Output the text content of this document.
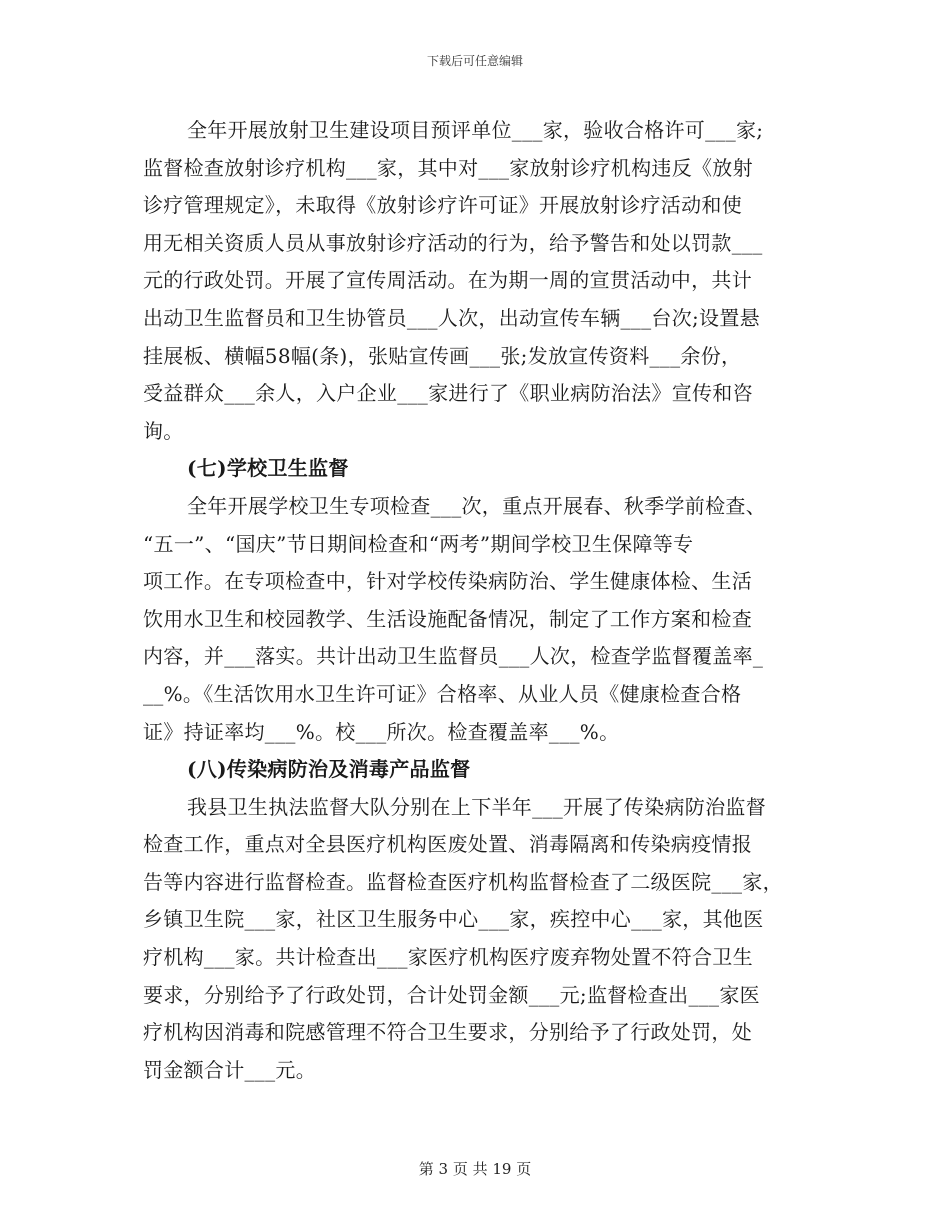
下载后可任意编辑
全年开展放射卫生建设项目预评单位___家，验收合格许可___家;
监督检查放射诊疗机构___家，其中对___家放射诊疗机构违反《放射
诊疗管理规定》，未取得《放射诊疗许可证》开展放射诊疗活动和使
用无相关资质人员从事放射诊疗活动的行为，给予警告和处以罚款___
元的行政处罚。开展了宣传周活动。在为期一周的宣贯活动中，共计
出动卫生监督员和卫生协管员___人次，出动宣传车辆___台次;设置悬
挂展板、横幅58幅(条)，张贴宣传画___张;发放宣传资料___余份，
受益群众___余人，入户企业___家进行了《职业病防治法》宣传和咨
询。
(七)学校卫生监督
全年开展学校卫生专项检查___次，重点开展春、秋季学前检查、
“五一”、“国庆”节日期间检查和“两考”期间学校卫生保障等专
项工作。在专项检查中，针对学校传染病防治、学生健康体检、生活
饮用水卫生和校园教学、生活设施配备情况，制定了工作方案和检查
内容，并___落实。共计出动卫生监督员___人次，检查学监督覆盖率_
__%。《生活饮用水卫生许可证》合格率、从业人员《健康检查合格
证》持证率均___%。校___所次。检查覆盖率___%。
(八)传染病防治及消毒产品监督
我县卫生执法监督大队分别在上下半年___开展了传染病防治监督
检查工作，重点对全县医疗机构医废处置、消毒隔离和传染病疫情报
告等内容进行监督检查。监督检查医疗机构监督检查了二级医院___家，
乡镇卫生院___家，社区卫生服务中心___家，疾控中心___家，其他医
疗机构___家。共计检查出___家医疗机构医疗废弃物处置不符合卫生
要求，分别给予了行政处罚，合计处罚金额___元;监督检查出___家医
疗机构因消毒和院感管理不符合卫生要求，分别给予了行政处罚，处
罚金额合计___元。
第 3 页 共 19 页
